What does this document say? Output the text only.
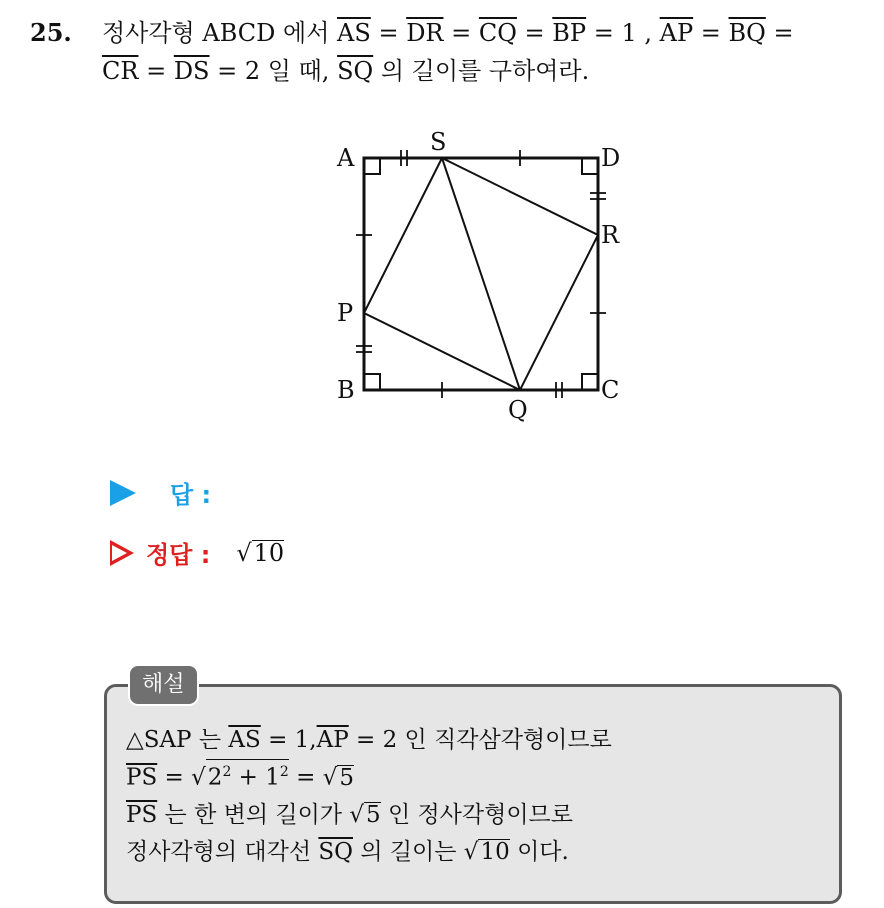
25. 정사각형 ABCD 에서 $\overline{AS} = \overline{DR} = \overline{CQ} = \overline{BP} = 1$ , $\overline{AP} = \overline{BQ}$ =
$\overline{CR} = \overline{DS} = 2$ 일 때, $\overline{SQ}$ 의 길이를 구하여라.
A
S
D
R
P
B	C
Q
답 :
정답 : √10
해설
△SAP 는 $\overline{AS} = 1,\overline{AP} = 2$ 인 직각삼각형이므로
$\overline{PS} = √2^2 + 1^2 = √5$
$\overline{PS}$ 는 한 변의 길이가 √5 인 정사각형이므로
정사각형의 대각선 $\overline{SQ}$ 의 길이는 √10 이다.
